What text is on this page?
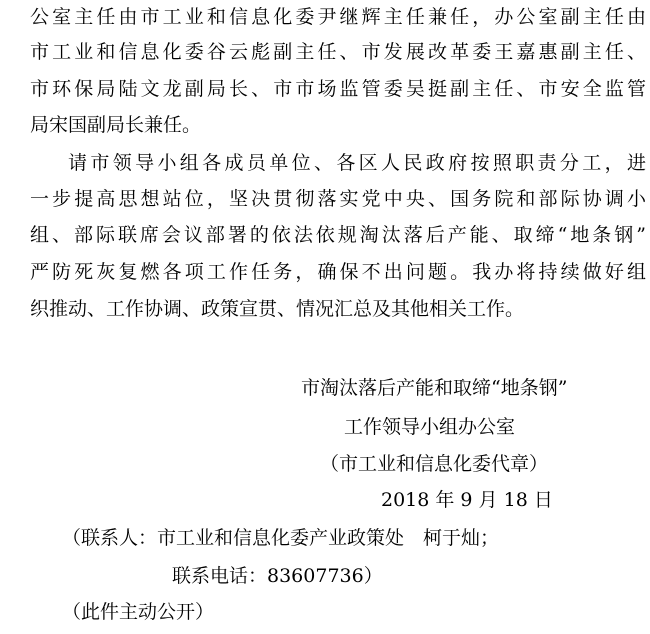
公室主任由市工业和信息化委尹继辉主任兼任，办公室副主任由
市工业和信息化委谷云彪副主任、市发展改革委王嘉惠副主任、
市环保局陆文龙副局长、市市场监管委吴挺副主任、市安全监管
局宋国副局长兼任。
请市领导小组各成员单位、各区人民政府按照职责分工，进
一步提高思想站位，坚决贯彻落实党中央、国务院和部际协调小
组、部际联席会议部署的依法依规淘汰落后产能、取缔“地条钢”
严防死灰复燃各项工作任务，确保不出问题。我办将持续做好组
织推动、工作协调、政策宣贯、情况汇总及其他相关工作。
市淘汰落后产能和取缔“地条钢”
工作领导小组办公室
（市工业和信息化委代章）
2018 年 9 月 18 日
（联系人：市工业和信息化委产业政策处　柯于灿；
联系电话：83607736）
（此件主动公开）
